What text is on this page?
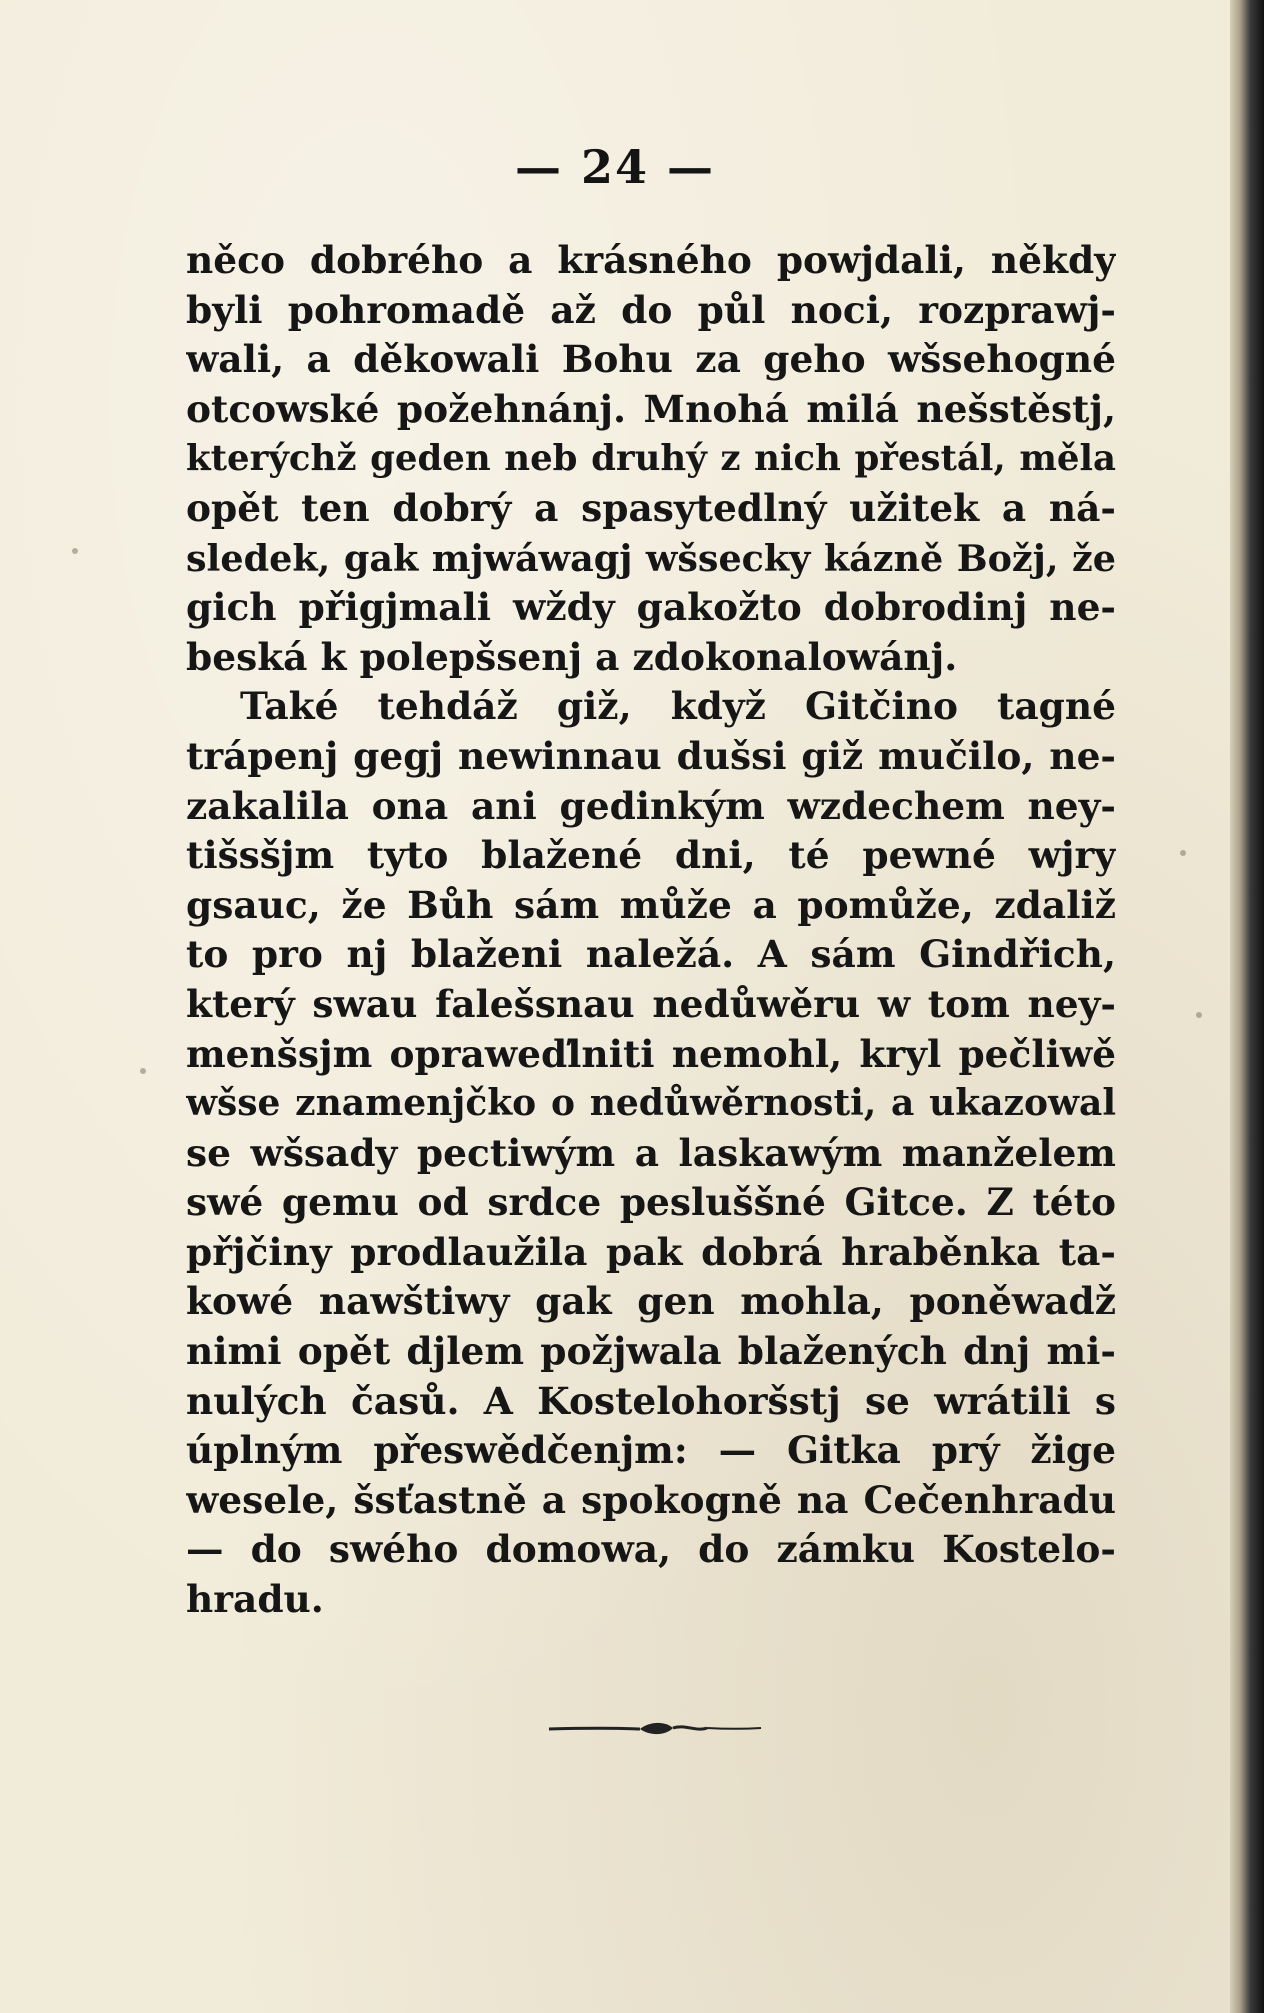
— 24 —
něco dobrého a krásného powjdali, někdy
byli pohromadě až do půl noci, rozprawj-
wali, a děkowali Bohu za geho wšsehogné
otcowské požehnánj. Mnohá milá nešstěstj,
kterýchž geden neb druhý z nich přestál, měla
opět ten dobrý a spasytedlný užitek a ná-
sledek, gak mjwáwagj wšsecky kázně Božj, že
gich přigjmali wždy gakožto dobrodinj ne-
beská k polepšsenj a zdokonalowánj.
Také tehdáž giž, když Gitčino tagné
trápenj gegj newinnau dušsi giž mučilo, ne-
zakalila ona ani gedinkým wzdechem ney-
tišsšjm tyto blažené dni, té pewné wjry
gsauc, že Bůh sám může a pomůže, zdaliž
to pro nj blaženi naležá. A sám Gindřich,
který swau falešsnau nedůwěru w tom ney-
menšsjm opraweďlniti nemohl, kryl pečliwě
wšse znamenjčko o nedůwěrnosti, a ukazowal
se wšsady pectiwým a laskawým manželem
swé gemu od srdce pesluššné Gitce. Z této
přjčiny prodlaužila pak dobrá hraběnka ta-
kowé nawštiwy gak gen mohla, poněwadž
nimi opět djlem požjwala blažených dnj mi-
nulých časů. A Kostelohoršstj se wrátili s
úplným přeswědčenjm: — Gitka prý žige
wesele, šsťastně a spokogně na Cečenhradu
— do swého domowa, do zámku Kostelo-
hradu.
